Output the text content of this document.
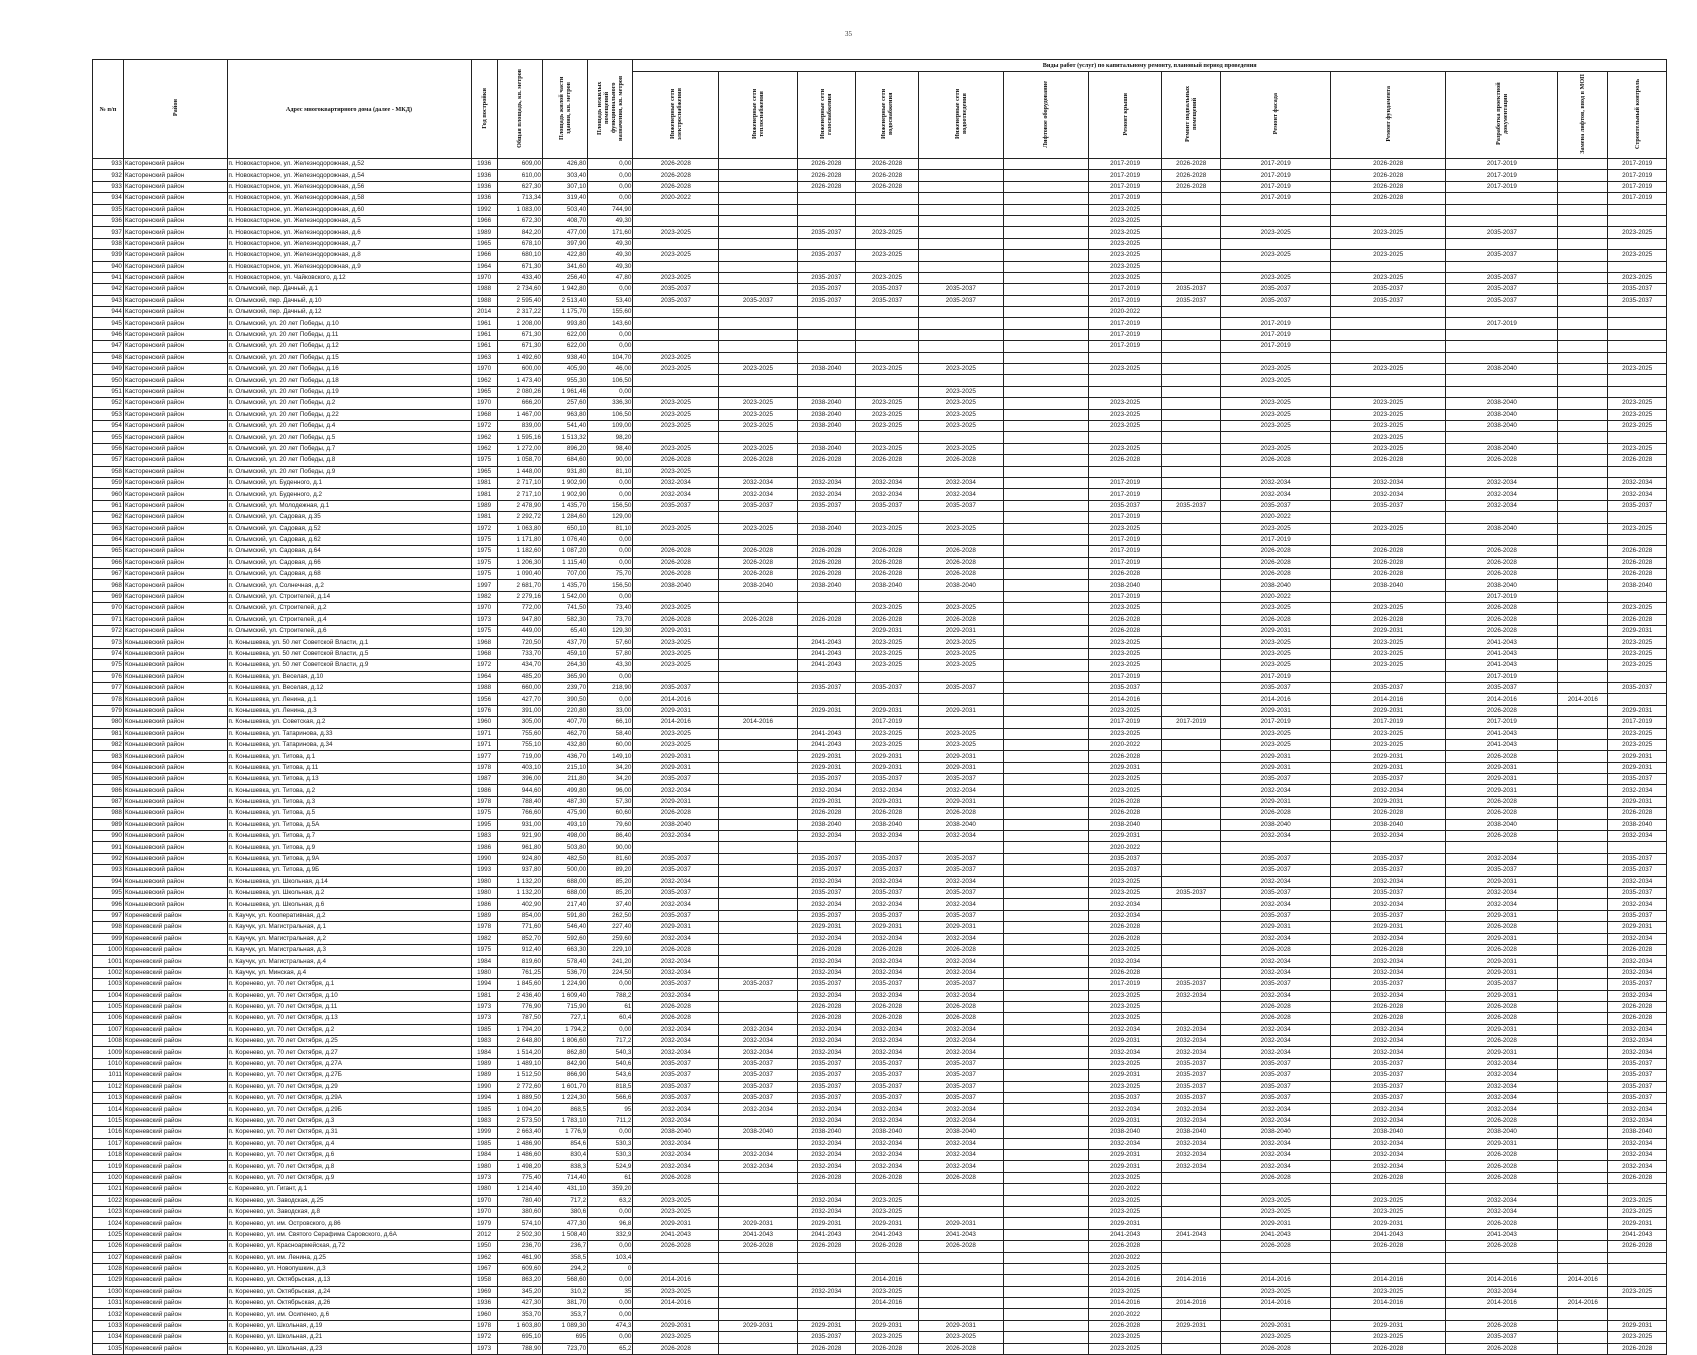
35
№ п/п	Район	Адрес многоквартирного дома (далее - МКД)	Год постройки	Общая площадь, кв. метров	Площадь жилой части здания, кв. метров	Площадь нежилых помещений функционального назначения, кв. метров	Виды работ (услуг) по капитальному ремонту, плановый период проведения												
							Инженерные сети электроснабжения	Инженерные сети теплоснабжения	Инженерные сети газоснабжения	Инженерные сети водоснабжения	Инженерные сети водоотведения	Лифтовое оборудование	Ремонт крыши	Ремонт подвальных помещений	Ремонт фасада	Ремонт фундамента	Разработка проектной документации	Замена лифтов, ввод в МОП	Строительный контроль
933	Касторенский район	п. Новокасторное, ул. Железнодорожная, д.52	1936	609,00	426,80	0,00	2026-2028		2026-2028	2026-2028			2017-2019	2026-2028	2017-2019	2026-2028	2017-2019		2017-2019
932	Касторенский район	п. Новокасторное, ул. Железнодорожная, д.54	1936	610,00	303,40	0,00	2026-2028		2026-2028	2026-2028			2017-2019	2026-2028	2017-2019	2026-2028	2017-2019		2017-2019
933	Касторенский район	п. Новокасторное, ул. Железнодорожная, д.56	1936	627,30	307,10	0,00	2026-2028		2026-2028	2026-2028			2017-2019	2026-2028	2017-2019	2026-2028	2017-2019		2017-2019
934	Касторенский район	п. Новокасторное, ул. Железнодорожная, д.58	1936	713,34	319,40	0,00	2020-2022						2017-2019		2017-2019	2026-2028			2017-2019
935	Касторенский район	п. Новокасторное, ул. Железнодорожная, д.60	1992	1 083,00	503,40	744,90							2023-2025						
936	Касторенский район	п. Новокасторное, ул. Железнодорожная, д.5	1966	672,30	408,70	49,30							2023-2025						
937	Касторенский район	п. Новокасторное, ул. Железнодорожная, д.6	1989	842,20	477,00	171,60	2023-2025		2035-2037	2023-2025			2023-2025		2023-2025	2023-2025	2035-2037		2023-2025
938	Касторенский район	п. Новокасторное, ул. Железнодорожная, д.7	1965	678,10	397,90	49,30							2023-2025						
939	Касторенский район	п. Новокасторное, ул. Железнодорожная, д.8	1966	680,10	422,80	49,30	2023-2025		2035-2037	2023-2025			2023-2025		2023-2025	2023-2025	2035-2037		2023-2025
940	Касторенский район	п. Новокасторное, ул. Железнодорожная, д.9	1964	671,30	341,60	49,30							2023-2025						
941	Касторенский район	п. Новокасторное, ул. Чайковского, д.12	1970	433,40	256,40	47,80	2023-2025		2035-2037	2023-2025			2023-2025		2023-2025	2023-2025	2035-2037		2023-2025
942	Касторенский район	п. Олымский, пер. Дачный, д.1	1988	2 734,60	1 942,80	0,00	2035-2037		2035-2037	2035-2037	2035-2037		2017-2019	2035-2037	2035-2037	2035-2037	2035-2037		2035-2037
943	Касторенский район	п. Олымский, пер. Дачный, д.10	1988	2 595,40	2 513,40	53,40	2035-2037	2035-2037	2035-2037	2035-2037	2035-2037		2017-2019	2035-2037	2035-2037	2035-2037	2035-2037		2035-2037
944	Касторенский район	п. Олымский, пер. Дачный, д.12	2014	2 317,22	1 175,70	155,60							2020-2022						
945	Касторенский район	п. Олымский, ул. 20 лет Победы, д.10	1961	1 208,00	993,80	143,60							2017-2019		2017-2019		2017-2019		
946	Касторенский район	п. Олымский, ул. 20 лет Победы, д.11	1961	671,30	622,00	0,00							2017-2019		2017-2019				
947	Касторенский район	п. Олымский, ул. 20 лет Победы, д.12	1961	671,30	622,00	0,00							2017-2019		2017-2019				
948	Касторенский район	п. Олымский, ул. 20 лет Победы, д.15	1963	1 492,60	938,40	104,70	2023-2025												
949	Касторенский район	п. Олымский, ул. 20 лет Победы, д.16	1970	600,00	405,90	46,00	2023-2025	2023-2025	2038-2040	2023-2025	2023-2025		2023-2025		2023-2025	2023-2025	2038-2040		2023-2025
950	Касторенский район	п. Олымский, ул. 20 лет Победы, д.18	1962	1 473,40	955,30	106,50									2023-2025				
951	Касторенский район	п. Олымский, ул. 20 лет Победы, д.19	1965	2 080,26	1 961,46	0,00					2023-2025								
952	Касторенский район	п. Олымский, ул. 20 лет Победы, д.2	1970	666,20	257,60	336,30	2023-2025	2023-2025	2038-2040	2023-2025	2023-2025		2023-2025		2023-2025	2023-2025	2038-2040		2023-2025
953	Касторенский район	п. Олымский, ул. 20 лет Победы, д.22	1968	1 467,00	963,80	106,50	2023-2025	2023-2025	2038-2040	2023-2025	2023-2025		2023-2025		2023-2025	2023-2025	2038-2040		2023-2025
954	Касторенский район	п. Олымский, ул. 20 лет Победы, д.4	1972	839,00	541,40	109,00	2023-2025	2023-2025	2038-2040	2023-2025	2023-2025		2023-2025		2023-2025	2023-2025	2038-2040		2023-2025
955	Касторенский район	п. Олымский, ул. 20 лет Победы, д.5	1962	1 595,16	1 513,32	98,20										2023-2025			
956	Касторенский район	п. Олымский, ул. 20 лет Победы, д.7	1962	1 272,00	896,20	98,40	2023-2025	2023-2025	2038-2040	2023-2025	2023-2025		2023-2025		2023-2025	2023-2025	2038-2040		2023-2025
957	Касторенский район	п. Олымский, ул. 20 лет Победы, д.8	1975	1 058,70	684,60	90,00	2026-2028	2026-2028	2026-2028	2026-2028	2026-2028		2026-2028		2026-2028	2026-2028	2026-2028		2026-2028
958	Касторенский район	п. Олымский, ул. 20 лет Победы, д.9	1965	1 448,00	931,80	81,10	2023-2025												
959	Касторенский район	п. Олымский, ул. Буденного, д.1	1981	2 717,10	1 902,90	0,00	2032-2034	2032-2034	2032-2034	2032-2034	2032-2034		2017-2019		2032-2034	2032-2034	2032-2034		2032-2034
960	Касторенский район	п. Олымский, ул. Буденного, д.2	1981	2 717,10	1 902,90	0,00	2032-2034	2032-2034	2032-2034	2032-2034	2032-2034		2017-2019		2032-2034	2032-2034	2032-2034		2032-2034
961	Касторенский район	п. Олымский, ул. Молодежная, д.1	1989	2 478,90	1 435,70	156,50	2035-2037	2035-2037	2035-2037	2035-2037	2035-2037		2035-2037	2035-2037	2035-2037	2035-2037	2032-2034		2035-2037
962	Касторенский район	п. Олымский, ул. Садовая, д.35	1981	2 292,72	1 284,60	129,00							2017-2019		2020-2022				
963	Касторенский район	п. Олымский, ул. Садовая, д.52	1972	1 063,80	650,10	81,10	2023-2025	2023-2025	2038-2040	2023-2025	2023-2025		2023-2025		2023-2025	2023-2025	2038-2040		2023-2025
964	Касторенский район	п. Олымский, ул. Садовая, д.62	1975	1 171,80	1 076,40	0,00							2017-2019		2017-2019				
965	Касторенский район	п. Олымский, ул. Садовая, д.64	1975	1 182,60	1 087,20	0,00	2026-2028	2026-2028	2026-2028	2026-2028	2026-2028		2017-2019		2026-2028	2026-2028	2026-2028		2026-2028
966	Касторенский район	п. Олымский, ул. Садовая, д.66	1975	1 206,30	1 115,40	0,00	2026-2028	2026-2028	2026-2028	2026-2028	2026-2028		2017-2019		2026-2028	2026-2028	2026-2028		2026-2028
967	Касторенский район	п. Олымский, ул. Садовая, д.68	1975	1 090,40	707,00	75,70	2026-2028	2026-2028	2026-2028	2026-2028	2026-2028		2026-2028		2026-2028	2026-2028	2026-2028		2026-2028
968	Касторенский район	п. Олымский, ул. Солнечная, д.2	1997	2 681,70	1 435,70	156,50	2038-2040	2038-2040	2038-2040	2038-2040	2038-2040		2038-2040		2038-2040	2038-2040	2038-2040		2038-2040
969	Касторенский район	п. Олымский, ул. Строителей, д.14	1982	2 279,16	1 542,00	0,00							2017-2019		2020-2022		2017-2019		
970	Касторенский район	п. Олымский, ул. Строителей, д.2	1970	772,00	741,50	73,40	2023-2025			2023-2025	2023-2025		2023-2025		2023-2025	2023-2025	2026-2028		2023-2025
971	Касторенский район	п. Олымский, ул. Строителей, д.4	1973	947,80	582,30	73,70	2026-2028	2026-2028	2026-2028	2026-2028	2026-2028		2026-2028		2026-2028	2026-2028	2026-2028		2026-2028
972	Касторенский район	п. Олымский, ул. Строителей, д.6	1975	449,00	65,40	129,30	2029-2031			2029-2031	2029-2031		2026-2028		2029-2031	2029-2031	2026-2028		2029-2031
973	Конышевский район	п. Конышевка, ул. 50 лет Советской Власти, д.1	1968	720,50	437,70	57,60	2023-2025		2041-2043	2023-2025	2023-2025		2023-2025		2023-2025	2023-2025	2041-2043		2023-2025
974	Конышевский район	п. Конышевка, ул. 50 лет Советской Власти, д.5	1968	733,70	459,10	57,80	2023-2025		2041-2043	2023-2025	2023-2025		2023-2025		2023-2025	2023-2025	2041-2043		2023-2025
975	Конышевский район	п. Конышевка, ул. 50 лет Советской Власти, д.9	1972	434,70	264,30	43,30	2023-2025		2041-2043	2023-2025	2023-2025		2023-2025		2023-2025	2023-2025	2041-2043		2023-2025
976	Конышевский район	п. Конышевка, ул. Веселая, д.10	1964	485,20	365,90	0,00							2017-2019		2017-2019		2017-2019		
977	Конышевский район	п. Конышевка, ул. Веселая, д.12	1988	660,00	239,70	218,90	2035-2037		2035-2037	2035-2037	2035-2037		2035-2037		2035-2037	2035-2037	2035-2037		2035-2037
978	Конышевский район	п. Конышевка, ул. Ленина, д.1	1956	427,70	390,50	0,00	2014-2016						2014-2016		2014-2016	2014-2016	2014-2016	2014-2016	
979	Конышевский район	п. Конышевка, ул. Ленина, д.3	1976	391,00	220,80	33,00	2029-2031		2029-2031	2029-2031	2029-2031		2023-2025		2029-2031	2029-2031	2026-2028		2029-2031
980	Конышевский район	п. Конышевка, ул. Советская, д.2	1960	305,00	407,70	66,10	2014-2016	2014-2016		2017-2019			2017-2019	2017-2019	2017-2019	2017-2019	2017-2019		2017-2019
981	Конышевский район	п. Конышевка, ул. Татаринова, д.33	1971	755,60	462,70	58,40	2023-2025		2041-2043	2023-2025	2023-2025		2023-2025		2023-2025	2023-2025	2041-2043		2023-2025
982	Конышевский район	п. Конышевка, ул. Татаринова, д.34	1971	755,10	432,80	60,00	2023-2025		2041-2043	2023-2025	2023-2025		2020-2022		2023-2025	2023-2025	2041-2043		2023-2025
983	Конышевский район	п. Конышевка, ул. Титова, д.1	1977	719,00	436,70	149,10	2029-2031		2029-2031	2029-2031	2029-2031		2026-2028		2029-2031	2029-2031	2026-2028		2029-2031
984	Конышевский район	п. Конышевка, ул. Титова, д.11	1978	403,10	215,10	34,20	2029-2031		2029-2031	2029-2031	2029-2031		2029-2031		2029-2031	2029-2031	2029-2031		2029-2031
985	Конышевский район	п. Конышевка, ул. Титова, д.13	1987	396,00	211,80	34,20	2035-2037		2035-2037	2035-2037	2035-2037		2023-2025		2035-2037	2035-2037	2029-2031		2035-2037
986	Конышевский район	п. Конышевка, ул. Титова, д.2	1986	944,60	499,80	96,00	2032-2034		2032-2034	2032-2034	2032-2034		2023-2025		2032-2034	2032-2034	2029-2031		2032-2034
987	Конышевский район	п. Конышевка, ул. Титова, д.3	1978	788,40	487,30	57,30	2029-2031		2029-2031	2029-2031	2029-2031		2026-2028		2029-2031	2029-2031	2026-2028		2029-2031
988	Конышевский район	п. Конышевка, ул. Титова, д.5	1975	766,60	475,90	60,60	2026-2028		2026-2028	2026-2028	2026-2028		2026-2028		2026-2028	2026-2028	2026-2028		2026-2028
989	Конышевский район	п. Конышевка, ул. Титова, д.5А	1995	931,00	493,10	79,60	2038-2040		2038-2040	2038-2040	2038-2040		2038-2040		2038-2040	2038-2040	2038-2040		2038-2040
990	Конышевский район	п. Конышевка, ул. Титова, д.7	1983	921,90	498,00	86,40	2032-2034		2032-2034	2032-2034	2032-2034		2029-2031		2032-2034	2032-2034	2026-2028		2032-2034
991	Конышевский район	п. Конышевка, ул. Титова, д.9	1986	961,80	503,80	90,00							2020-2022						
992	Конышевский район	п. Конышевка, ул. Титова, д.9А	1990	924,80	482,50	81,60	2035-2037		2035-2037	2035-2037	2035-2037		2035-2037		2035-2037	2035-2037	2032-2034		2035-2037
993	Конышевский район	п. Конышевка, ул. Титова, д.9Б	1993	937,80	500,00	89,20	2035-2037		2035-2037	2035-2037	2035-2037		2035-2037		2035-2037	2035-2037	2035-2037		2035-2037
994	Конышевский район	п. Конышевка, ул. Школьная, д.14	1980	1 132,20	688,00	85,20	2032-2034		2032-2034	2032-2034	2032-2034		2023-2025		2032-2034	2032-2034	2029-2031		2032-2034
995	Конышевский район	п. Конышевка, ул. Школьная, д.2	1980	1 132,20	688,00	85,20	2035-2037		2035-2037	2035-2037	2035-2037		2023-2025	2035-2037	2035-2037	2035-2037	2032-2034		2035-2037
996	Конышевский район	п. Конышевка, ул. Школьная, д.6	1986	402,90	217,40	37,40	2032-2034		2032-2034	2032-2034	2032-2034		2032-2034		2032-2034	2032-2034	2032-2034		2032-2034
997	Кореневский район	п. Каучук, ул. Кооперативная, д.2	1989	854,00	591,80	262,50	2035-2037		2035-2037	2035-2037	2035-2037		2032-2034		2035-2037	2035-2037	2029-2031		2035-2037
998	Кореневский район	п. Каучук, ул. Магистральная, д.1	1978	771,60	546,40	227,40	2029-2031		2029-2031	2029-2031	2029-2031		2026-2028		2029-2031	2029-2031	2026-2028		2029-2031
999	Кореневский район	п. Каучук, ул. Магистральная, д.2	1982	852,70	592,60	259,60	2032-2034		2032-2034	2032-2034	2032-2034		2026-2028		2032-2034	2032-2034	2029-2031		2032-2034
1000	Кореневский район	п. Каучук, ул. Магистральная, д.3	1975	912,40	663,30	229,10	2026-2028		2026-2028	2026-2028	2026-2028		2023-2025		2026-2028	2026-2028	2026-2028		2026-2028
1001	Кореневский район	п. Каучук, ул. Магистральная, д.4	1984	819,60	578,40	241,20	2032-2034		2032-2034	2032-2034	2032-2034		2032-2034		2032-2034	2032-2034	2029-2031		2032-2034
1002	Кореневский район	п. Каучук, ул. Минская, д.4	1980	761,25	536,70	224,50	2032-2034		2032-2034	2032-2034	2032-2034		2026-2028		2032-2034	2032-2034	2029-2031		2032-2034
1003	Кореневский район	п. Коренево, ул. 70 лет Октября, д.1	1994	1 845,60	1 224,90	0,00	2035-2037	2035-2037	2035-2037	2035-2037	2035-2037		2017-2019	2035-2037	2035-2037	2035-2037	2035-2037		2035-2037
1004	Кореневский район	п. Коренево, ул. 70 лет Октября, д.10	1981	2 436,40	1 609,40	788,2	2032-2034		2032-2034	2032-2034	2032-2034		2023-2025	2032-2034	2032-2034	2032-2034	2029-2031		2032-2034
1005	Кореневский район	п. Коренево, ул. 70 лет Октября, д.11	1973	776,90	715,90	61	2026-2028		2026-2028	2026-2028	2026-2028		2023-2025		2026-2028	2026-2028	2026-2028		2026-2028
1006	Кореневский район	п. Коренево, ул. 70 лет Октября, д.13	1973	787,50	727,1	60,4	2026-2028		2026-2028	2026-2028	2026-2028		2023-2025		2026-2028	2026-2028	2026-2028		2026-2028
1007	Кореневский район	п. Коренево, ул. 70 лет Октября, д.2	1985	1 794,20	1 794,2	0,00	2032-2034	2032-2034	2032-2034	2032-2034	2032-2034		2032-2034	2032-2034	2032-2034	2032-2034	2029-2031		2032-2034
1008	Кореневский район	п. Коренево, ул. 70 лет Октября, д.25	1983	2 648,80	1 806,60	717,2	2032-2034	2032-2034	2032-2034	2032-2034	2032-2034		2029-2031	2032-2034	2032-2034	2032-2034	2026-2028		2032-2034
1009	Кореневский район	п. Коренево, ул. 70 лет Октября, д.27	1984	1 514,20	862,80	540,3	2032-2034	2032-2034	2032-2034	2032-2034	2032-2034		2032-2034	2032-2034	2032-2034	2032-2034	2029-2031		2032-2034
1010	Кореневский район	п. Коренево, ул. 70 лет Октября, д.27А	1989	1 489,10	842,90	540,6	2035-2037	2035-2037	2035-2037	2035-2037	2035-2037		2023-2025	2035-2037	2035-2037	2035-2037	2032-2034		2035-2037
1011	Кореневский район	п. Коренево, ул. 70 лет Октября, д.27Б	1989	1 512,50	866,90	543,6	2035-2037	2035-2037	2035-2037	2035-2037	2035-2037		2029-2031	2035-2037	2035-2037	2035-2037	2032-2034		2035-2037
1012	Кореневский район	п. Коренево, ул. 70 лет Октября, д.29	1990	2 772,60	1 601,70	818,5	2035-2037	2035-2037	2035-2037	2035-2037	2035-2037		2023-2025	2035-2037	2035-2037	2035-2037	2032-2034		2035-2037
1013	Кореневский район	п. Коренево, ул. 70 лет Октября, д.29А	1994	1 889,50	1 224,30	566,6	2035-2037	2035-2037	2035-2037	2035-2037	2035-2037		2035-2037	2035-2037	2035-2037	2035-2037	2032-2034		2035-2037
1014	Кореневский район	п. Коренево, ул. 70 лет Октября, д.29Б	1985	1 094,20	868,5	95	2032-2034	2032-2034	2032-2034	2032-2034	2032-2034		2032-2034	2032-2034	2032-2034	2032-2034	2032-2034		2032-2034
1015	Кореневский район	п. Коренево, ул. 70 лет Октября, д.3	1983	2 573,50	1 783,10	711,2	2032-2034		2032-2034	2032-2034	2032-2034		2029-2031	2032-2034	2032-2034	2032-2034	2026-2028		2032-2034
1016	Кореневский район	п. Коренево, ул. 70 лет Октября, д.31	1999	2 663,40	1 776,9	0,00	2038-2040	2038-2040	2038-2040	2038-2040	2038-2040		2038-2040	2038-2040	2038-2040	2038-2040	2038-2040		2038-2040
1017	Кореневский район	п. Коренево, ул. 70 лет Октября, д.4	1985	1 486,90	854,6	530,3	2032-2034		2032-2034	2032-2034	2032-2034		2032-2034	2032-2034	2032-2034	2032-2034	2029-2031		2032-2034
1018	Кореневский район	п. Коренево, ул. 70 лет Октября, д.6	1984	1 486,60	830,4	530,3	2032-2034	2032-2034	2032-2034	2032-2034	2032-2034		2029-2031	2032-2034	2032-2034	2032-2034	2026-2028		2032-2034
1019	Кореневский район	п. Коренево, ул. 70 лет Октября, д.8	1980	1 498,20	838,3	524,9	2032-2034	2032-2034	2032-2034	2032-2034	2032-2034		2029-2031	2032-2034	2032-2034	2032-2034	2026-2028		2032-2034
1020	Кореневский район	п. Коренево, ул. 70 лет Октября, д.9	1973	775,40	714,40	61	2026-2028		2026-2028	2026-2028	2026-2028		2023-2025		2026-2028	2026-2028	2026-2028		2026-2028
1021	Кореневский район	с. Коренево, ул. Гигант, д.1	1980	1 214,40	431,10	359,20							2020-2022						
1022	Кореневский район	п. Коренево, ул. Заводская, д.25	1970	780,40	717,2	63,2	2023-2025		2032-2034	2023-2025			2023-2025		2023-2025	2023-2025	2032-2034		2023-2025
1023	Кореневский район	п. Коренево, ул. Заводская, д.8	1970	380,60	380,6	0,00	2023-2025		2032-2034	2023-2025			2023-2025		2023-2025	2023-2025	2032-2034		2023-2025
1024	Кореневский район	п. Коренево, ул. им. Островского, д.86	1979	574,10	477,30	96,8	2029-2031	2029-2031	2029-2031	2029-2031	2029-2031		2029-2031		2029-2031	2029-2031	2026-2028		2029-2031
1025	Кореневский район	п. Коренево, ул. им. Святого Серафима Саровского, д.6А	2012	2 502,30	1 508,40	332,9	2041-2043	2041-2043	2041-2043	2041-2043	2041-2043		2041-2043	2041-2043	2041-2043	2041-2043	2041-2043		2041-2043
1026	Кореневский район	п. Коренево, ул. Красноармейская, д.72	1950	236,70	236,7	0,00	2026-2028	2026-2028	2026-2028	2026-2028	2026-2028		2026-2028		2026-2028	2026-2028	2026-2028		2026-2028
1027	Кореневский район	п. Коренево, ул. им. Ленина, д.25	1962	461,90	358,5	103,4							2020-2022						
1028	Кореневский район	п. Коренево, ул. Новопушкин, д.3	1967	609,60	294,2	0							2023-2025						
1029	Кореневский район	п. Коренево, ул. Октябрьская, д.13	1958	863,20	568,60	0,00	2014-2016			2014-2016			2014-2016	2014-2016	2014-2016	2014-2016	2014-2016	2014-2016	
1030	Кореневский район	п. Коренево, ул. Октябрьская, д.24	1969	345,20	310,2	35	2023-2025		2032-2034	2023-2025			2023-2025		2023-2025	2023-2025	2032-2034		2023-2025
1031	Кореневский район	п. Коренево, ул. Октябрьская, д.26	1936	427,30	381,70	0,00	2014-2016			2014-2016			2014-2016	2014-2016	2014-2016	2014-2016	2014-2016	2014-2016	
1032	Кореневский район	п. Коренево, ул. им. Осипенко, д.6	1960	353,70	353,7	0,00							2020-2022						
1033	Кореневский район	п. Коренево, ул. Школьная, д.19	1978	1 603,80	1 089,30	474,3	2029-2031	2029-2031	2029-2031	2029-2031	2029-2031		2026-2028	2029-2031	2029-2031	2029-2031	2026-2028		2029-2031
1034	Кореневский район	п. Коренево, ул. Школьная, д.21	1972	695,10	695	0,00	2023-2025		2035-2037	2023-2025	2023-2025		2023-2025		2023-2025	2023-2025	2035-2037		2023-2025
1035	Кореневский район	п. Коренево, ул. Школьная, д.23	1973	788,90	723,70	65,2	2026-2028		2026-2028	2026-2028	2026-2028		2023-2025		2026-2028	2026-2028	2026-2028		2026-2028
